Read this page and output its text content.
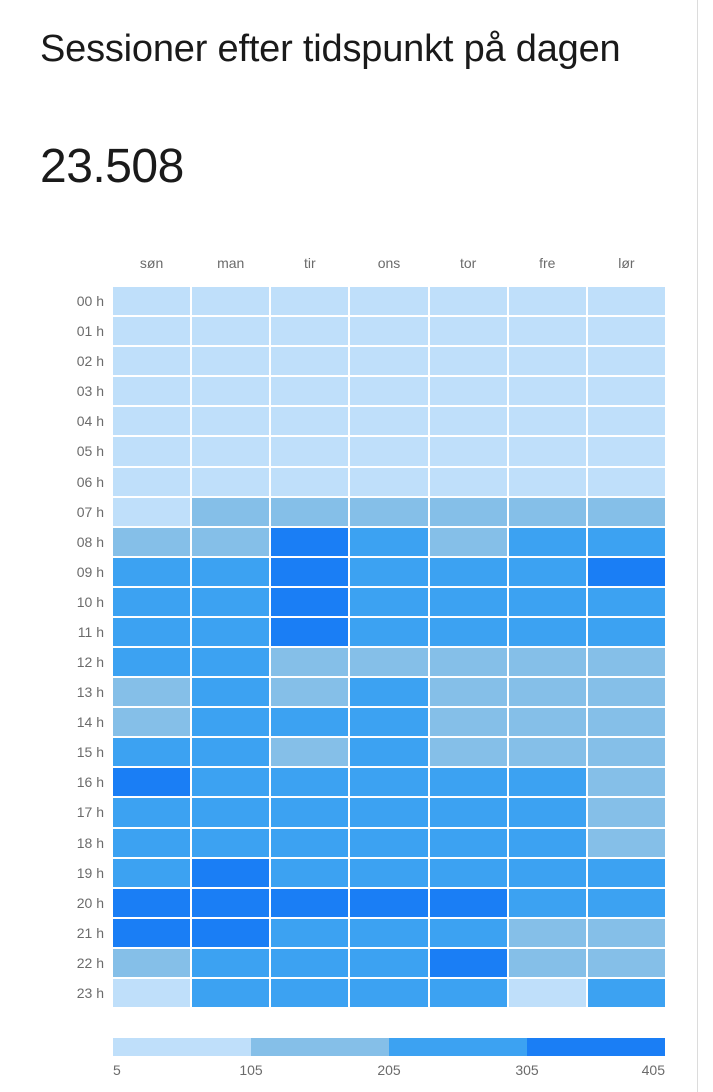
Sessioner efter tidspunkt på dagen
23.508
søn	man	tir	ons	tor	fre	lør
00 h
01 h
02 h
03 h
04 h
05 h
06 h
07 h
08 h
09 h
10 h
11 h
12 h
13 h
14 h
15 h
16 h
17 h
18 h
19 h
20 h
21 h
22 h
23 h
5	105	205	305	405
